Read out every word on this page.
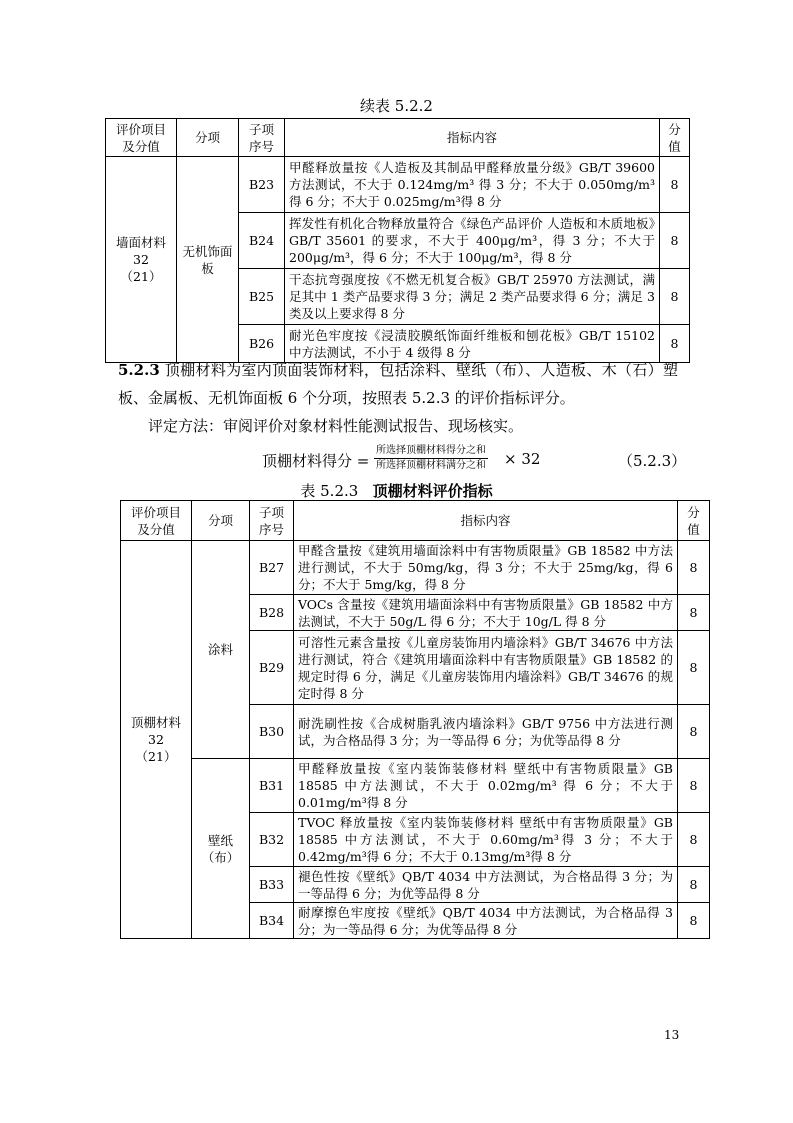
续表 5.2.2
评价项目及分值	分项	子项序号	指标内容	分值

墙面材料
32
（21）	无机饰面板	B23	甲醛释放量按《人造板及其制品甲醛释放量分级》GB/T 39600 方法测试，不大于 0.124mg/m³ 得 3 分；不大于 0.050mg/m³得 6 分；不大于 0.025mg/m³得 8 分	8
		B24	挥发性有机化合物释放量符合《绿色产品评价 人造板和木质地板》GB/T 35601 的要求，不大于 400μg/m³，得 3 分；不大于 200μg/m³，得 6 分；不大于 100μg/m³，得 8 分	8
		B25	干态抗弯强度按《不燃无机复合板》GB/T 25970 方法测试，满足其中 1 类产品要求得 3 分；满足 2 类产品要求得 6 分；满足 3 类及以上要求得 8 分	8
		B26	耐光色牢度按《浸渍胶膜纸饰面纤维板和刨花板》GB/T 15102 中方法测试，不小于 4 级得 8 分	8
5.2.3 顶棚材料为室内顶面装饰材料，包括涂料、壁纸（布）、人造板、木（石）塑板、金属板、无机饰面板 6 个分项，按照表 5.2.3 的评价指标评分。
评定方法：审阅评价对象材料性能测试报告、现场核实。
顶棚材料得分 =
所选择顶棚材料得分之和
所选择顶棚材料满分之和 × 32	（5.2.3）
表 5.2.3 顶棚材料评价指标
评价项目及分值	分项	子项序号	指标内容	分值

顶棚材料
32
（21）	涂料	B27	甲醛含量按《建筑用墙面涂料中有害物质限量》GB 18582 中方法进行测试，不大于 50mg/kg，得 3 分；不大于 25mg/kg，得 6 分；不大于 5mg/kg，得 8 分	8
		B28	VOCs 含量按《建筑用墙面涂料中有害物质限量》GB 18582 中方法测试，不大于 50g/L 得 6 分；不大于 10g/L 得 8 分	8
		B29	可溶性元素含量按《儿童房装饰用内墙涂料》GB/T 34676 中方法进行测试，符合《建筑用墙面涂料中有害物质限量》GB 18582 的规定时得 6 分，满足《儿童房装饰用内墙涂料》GB/T 34676 的规定时得 8 分	8
		B30	耐洗刷性按《合成树脂乳液内墙涂料》GB/T 9756 中方法进行测试，为合格品得 3 分；为一等品得 6 分；为优等品得 8 分	8
	壁纸（布）	B31	甲醛释放量按《室内装饰装修材料 壁纸中有害物质限量》GB 18585 中方法测试，不大于 0.02mg/m³ 得 6 分；不大于 0.01mg/m³得 8 分	8
		B32	TVOC 释放量按《室内装饰装修材料 壁纸中有害物质限量》GB 18585 中方法测试，不大于 0.60mg/m³得 3 分；不大于 0.42mg/m³得 6 分；不大于 0.13mg/m³得 8 分	8
		B33	褪色性按《壁纸》QB/T 4034 中方法测试，为合格品得 3 分；为一等品得 6 分；为优等品得 8 分	8
		B34	耐摩擦色牢度按《壁纸》QB/T 4034 中方法测试，为合格品得 3 分；为一等品得 6 分；为优等品得 8 分	8
13
